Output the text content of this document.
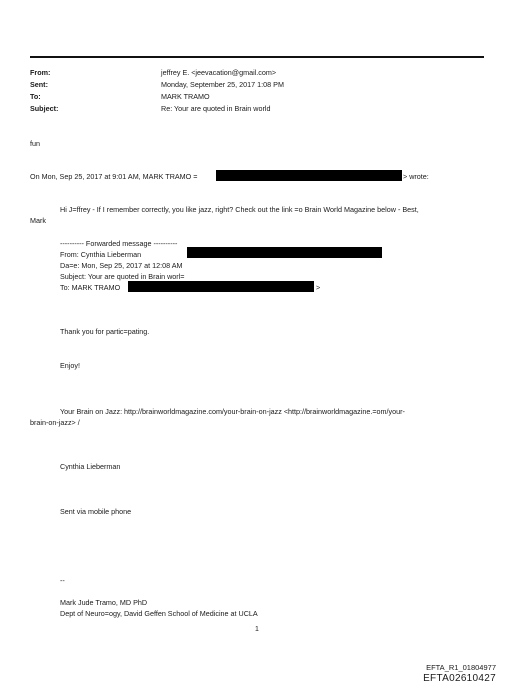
From:	jeffrey E. <jeevacation@gmail.com>
Sent:	Monday, September 25, 2017 1:08 PM
To:	MARK TRAMO
Subject:	Re: Your are quoted in Brain world
fun
On Mon, Sep 25, 2017 at 9:01 AM, MARK TRAMO =	> wrote:
Hi J=ffrey - If I remember correctly, you like jazz, right? Check out the link =o Brain World Magazine below - Best,
Mark
---------- Forwarded message ----------
From: Cynthia Lieberman
Da=e: Mon, Sep 25, 2017 at 12:08 AM
Subject: Your are quoted in Brain worl=
To: MARK TRAMO	>
Thank you for partic=pating.
Enjoy!
Your Brain on Jazz: http://brainworldmagazine.com/your-brain-on-jazz <http://brainworldmagazine.=om/your-
brain-on-jazz> /
Cynthia Lieberman
Sent via mobile phone
--
Mark Jude Tramo, MD PhD
Dept of Neuro=ogy, David Geffen School of Medicine at UCLA
1
EFTA_R1_01804977
EFTA02610427
